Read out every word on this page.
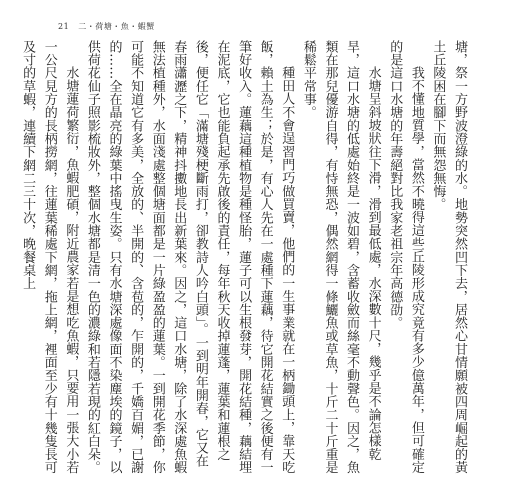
21 二・荷塘・魚・蝦蟹

塘，祭一方野波澄綠的水。地勢突然凹下去，居然心甘情願被四周崛起的黃土丘陵困在腳下而無怨無悔。

我不懂地質學，當然不曉得這些丘陵形成究竟有多少億萬年，但可確定的是這口水塘的年壽絕對比我家老祖宗年高德劭。

水塘呈斜坡狀往下滑，滑到最低處，水深數十尺，幾乎是不論怎樣乾旱，這口水塘的低處始終是一波如碧，含蓄收斂而絲毫不動聲色。因之，魚類在那兒優游自得，有恃無恐，偶然網得一條鱺魚或草魚，十斤二十斤重是稀鬆平常事。

種田人不會逞習門巧做買賣，他們的一生事業就在一柄鋤頭上，靠天吃飯，賴土為生；於是，有心人先在一處種下蓮藕，待它開花結實之後便有一筆好收入。蓮藕這種植物是種怪胎，蓮子可以生根發芽，開花結種，藕結埋在泥底，它也能負起承先啟後的責任，每年秋天收掉蓮蓬，蓮葉和蓮根之後，便任它「滿塘殘梗斷雨打，卻教詩人吟白頭」。一到明年開春，它又在春雨瀟瀝之下，精神抖擻地長出新葉來。因之，這口水塘，除了水深處魚蝦無法植種外，水面淺處整個塘面都是一片綠盈盈的蓮葉。一到開花季節，你可能不知道它有多美，全放的、半開的、含苞的，乍開的，千嬌百媚，已謝的……全在晶亮的綠葉中搖曳生姿。只有水塘深處像面不染塵埃的鏡子，以供荷花仙子照影梳妝外，整個水塘都是清一色的濃綠和若隱若現的紅白朵。

水塘蓮荷繁衍，魚蝦肥碩，附近農家若是想吃魚蝦，只要用一張大小若一公尺見方的長柄撈網，往蓮葉稀處下網，拖上網，裡面至少有十幾隻長可及寸的草蝦，連續下網二三十次，晚餐桌上
